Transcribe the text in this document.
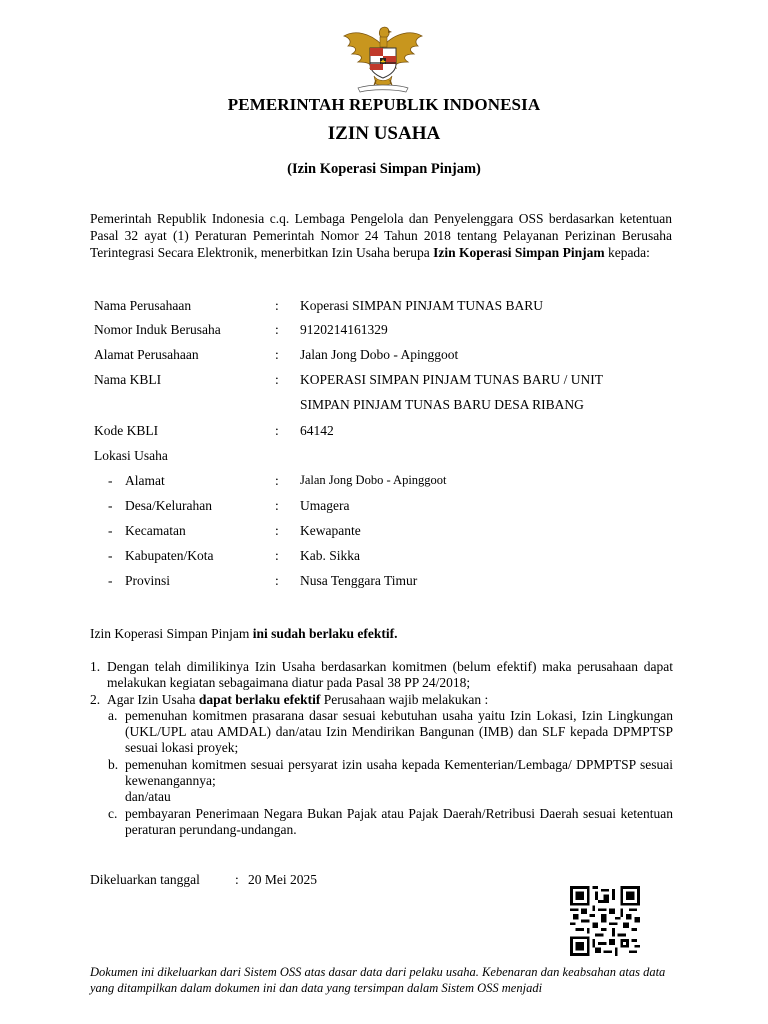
PEMERINTAH REPUBLIK INDONESIA
IZIN USAHA
(Izin Koperasi Simpan Pinjam)
Pemerintah Republik Indonesia c.q. Lembaga Pengelola dan Penyelenggara OSS berdasarkan ketentuan Pasal 32 ayat (1) Peraturan Pemerintah Nomor 24 Tahun 2018 tentang Pelayanan Perizinan Berusaha Terintegrasi Secara Elektronik, menerbitkan Izin Usaha berupa Izin Koperasi Simpan Pinjam kepada:
Nama Perusahaan	: Koperasi SIMPAN PINJAM TUNAS BARU
Nomor Induk Berusaha	: 9120214161329
Alamat Perusahaan	: Jalan Jong Dobo - Apinggoot
Nama KBLI	: KOPERASI SIMPAN PINJAM TUNAS BARU / UNIT
SIMPAN PINJAM TUNAS BARU DESA RIBANG
Kode KBLI	: 64142
Lokasi Usaha
- Alamat	: Jalan Jong Dobo - Apinggoot
- Desa/Kelurahan	: Umagera
- Kecamatan	: Kewapante
- Kabupaten/Kota	: Kab. Sikka
- Provinsi	: Nusa Tenggara Timur
Izin Koperasi Simpan Pinjam ini sudah berlaku efektif.
1. Dengan telah dimilikinya Izin Usaha berdasarkan komitmen (belum efektif) maka perusahaan dapat melakukan kegiatan sebagaimana diatur pada Pasal 38 PP 24/2018;
2. Agar Izin Usaha dapat berlaku efektif Perusahaan wajib melakukan :
a. pemenuhan komitmen prasarana dasar sesuai kebutuhan usaha yaitu Izin Lokasi, Izin Lingkungan (UKL/UPL atau AMDAL) dan/atau Izin Mendirikan Bangunan (IMB) dan SLF kepada DPMPTSP sesuai lokasi proyek;
b. pemenuhan komitmen sesuai persyarat izin usaha kepada Kementerian/Lembaga/ DPMPTSP sesuai kewenangannya;
dan/atau
c. pembayaran Penerimaan Negara Bukan Pajak atau Pajak Daerah/Retribusi Daerah sesuai ketentuan peraturan perundang-undangan.
Dikeluarkan tanggal	: 20 Mei 2025
Dokumen ini dikeluarkan dari Sistem OSS atas dasar data dari pelaku usaha. Kebenaran dan keabsahan atas data yang ditampilkan dalam dokumen ini dan data yang tersimpan dalam Sistem OSS menjadi
